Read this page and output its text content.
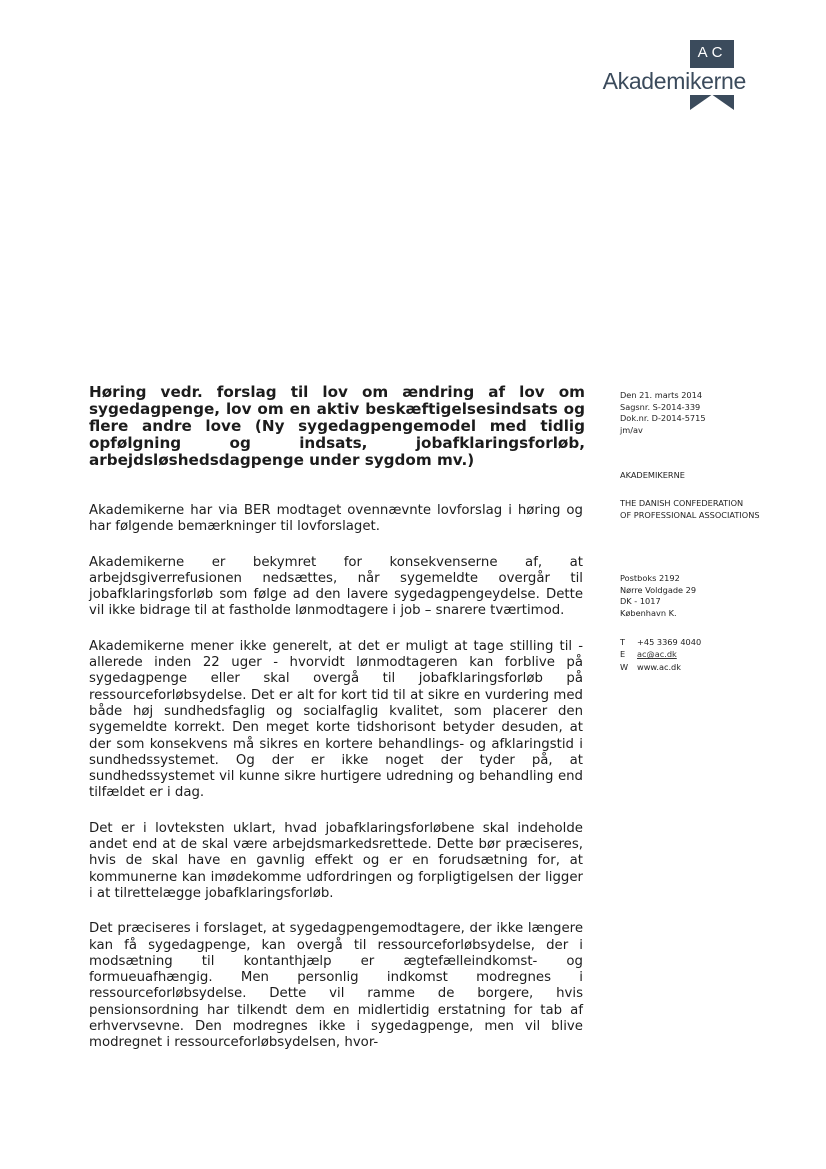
AC
Akademikerne
Høring vedr. forslag til lov om ændring af lov om sygedagpenge, lov om en aktiv beskæftigelsesindsats og flere andre love (Ny sygedagpengemodel med tidlig opfølgning og indsats, jobafklaringsforløb, arbejdsløshedsdagpenge under sygdom mv.)

Akademikerne har via BER modtaget ovennævnte lovforslag i høring og har følgende bemærkninger til lovforslaget.

Akademikerne er bekymret for konsekvenserne af, at arbejdsgiverrefusionen nedsættes, når sygemeldte overgår til jobafklaringsforløb som følge ad den lavere sygedagpengeydelse. Dette vil ikke bidrage til at fastholde lønmodtagere i job – snarere tværtimod.

Akademikerne mener ikke generelt, at det er muligt at tage stilling til - allerede inden 22 uger - hvorvidt lønmodtageren kan forblive på sygedagpenge eller skal overgå til jobafklaringsforløb på ressourceforløbsydelse. Det er alt for kort tid til at sikre en vurdering med både høj sundhedsfaglig og socialfaglig kvalitet, som placerer den sygemeldte korrekt. Den meget korte tidshorisont betyder desuden, at der som konsekvens må sikres en kortere behandlings- og afklaringstid i sundhedssystemet. Og der er ikke noget der tyder på, at sundhedssystemet vil kunne sikre hurtigere udredning og behandling end tilfældet er i dag.

Det er i lovteksten uklart, hvad jobafklaringsforløbene skal indeholde andet end at de skal være arbejdsmarkedsrettede. Dette bør præciseres, hvis de skal have en gavnlig effekt og er en forudsætning for, at kommunerne kan imødekomme udfordringen og forpligtigelsen der ligger i at tilrettelægge jobafklaringsforløb.

Det præciseres i forslaget, at sygedagpengemodtagere, der ikke længere kan få sygedagpenge, kan overgå til ressourceforløbsydelse, der i modsætning til kontanthjælp er ægtefælleindkomst- og formueuafhængig. Men personlig indkomst modregnes i ressourceforløbsydelse. Dette vil ramme de borgere, hvis pensionsordning har tilkendt dem en midlertidig erstatning for tab af erhvervsevne. Den modregnes ikke i sygedagpenge, men vil blive modregnet i ressourceforløbsydelsen, hvor-

Den 21. marts 2014
Sagsnr. S-2014-339
Dok.nr. D-2014-5715
jm/av
AKADEMIKERNE
THE DANISH CONFEDERATION
OF PROFESSIONAL ASSOCIATIONS
Postboks 2192
Nørre Voldgade 29
DK - 1017
København K.
T +45 3369 4040
E ac@ac.dk
W www.ac.dk
